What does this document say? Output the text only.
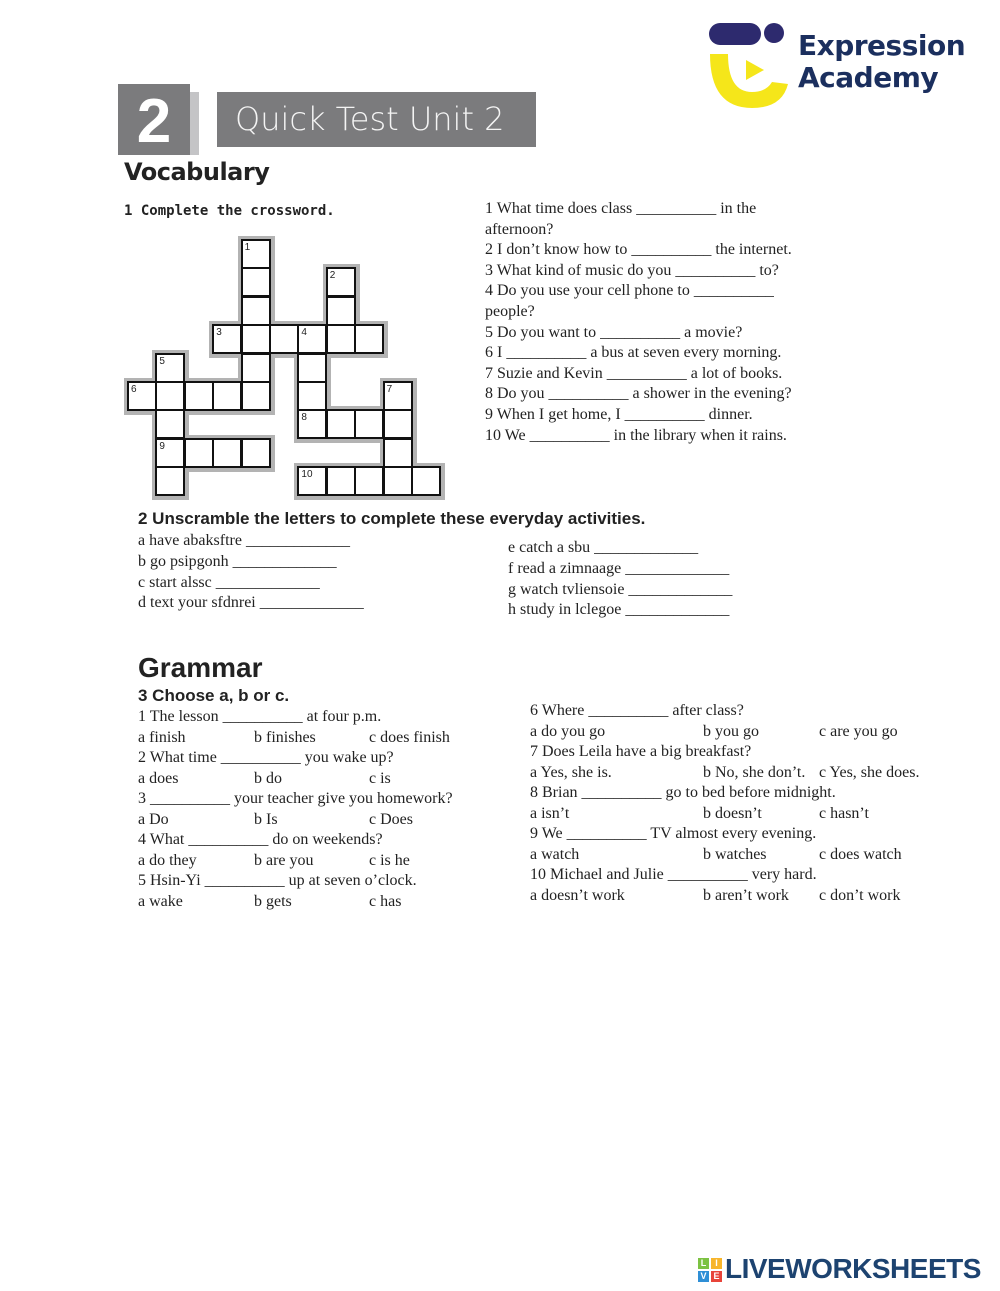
Expression
Academy
2	Quick Test Unit 2
Vocabulary
1 Complete the crossword.
1
2
3	4
8
5
9
6	7
10
1 What time does class __________ in the
afternoon?
2 I don’t know how to __________ the internet.
3 What kind of music do you __________ to?
4 Do you use your cell phone to __________
people?
5 Do you want to __________ a movie?
6 I __________ a bus at seven every morning.
7 Suzie and Kevin __________ a lot of books.
8 Do you __________ a shower in the evening?
9 When I get home, I __________ dinner.
10 We __________ in the library when it rains.
2 Unscramble the letters to complete these everyday activities.
a have abaksftre _____________
b go psipgonh _____________
c start alssc _____________
d text your sfdnrei _____________
e catch a sbu _____________
f read a zimnaage _____________
g watch tvliensoie _____________
h study in lclegoe _____________
Grammar
3 Choose a, b or c.
1 The lesson __________ at four p.m.
a finish	b finishes	c does finish
2 What time __________ you wake up?
a does	b do	c is
3 __________ your teacher give you homework?
a Do	b Is	c Does
4 What __________ do on weekends?
a do they	b are you	c is he
5 Hsin-Yi __________ up at seven o’clock.
a wake	b gets	c has
6 Where __________ after class?
a do you go	b you go	c are you go
7 Does Leila have a big breakfast?
a Yes, she is.	b No, she don’t. c Yes, she does.
8 Brian __________ go to bed before midnight.
a isn’t	b doesn’t	c hasn’t
9 We __________ TV almost every evening.
a watch	b watches	c does watch
10 Michael and Julie __________ very hard.
a doesn’t work	b aren’t work c don’t work
L I
V E LIVEWORKSHEETS
